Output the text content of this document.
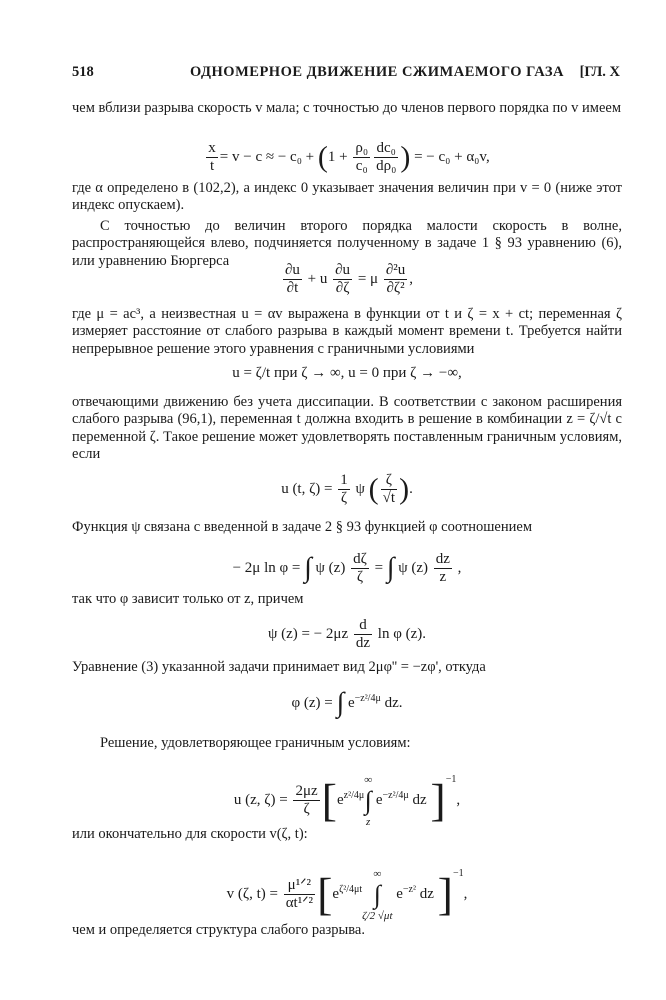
518	ОДНОМЕРНОЕ ДВИЖЕНИЕ СЖИМАЕМОГО ГАЗА [ГЛ. X
чем вблизи разрыва скорость v мала; с точностью до членов первого порядка по v имеем
$\frac{x}{t} = v - c$ ≈ − $c_0 + (1 + \frac{\text{ρ₀}}{\text{c₀}} \frac{\text{dc₀}}{\text{dρ₀}}$ ) = − c₀ + α₀v,
где α определено в (102,2), а индекс 0 указывает значения величин при v = 0 (ниже этот индекс опускаем).
С точностью до величин второго порядка малости скорость в волне, распространяющейся влево, подчиняется полученному в задаче 1 § 93 уравнению (6), или уравнению Бюргерса
$\frac{\partial u}{\partial t} + u \frac{\partial u}{\partial\zeta} = \mu \frac{\text{∂²u}}{\text{∂ζ²}}$ ,
где μ = ac³, а неизвестная u = αv выражена в функции от t и ζ = x + ct; переменная ζ измеряет расстояние от слабого разрыва в каждый момент времени t. Требуется найти непрерывное решение этого уравнения с граничными условиями
u = ζ/t при ζ → ∞, u = 0 при ζ → −∞,
отвечающими движению без учета диссипации. В соответствии с законом расширения слабого разрыва (96,1), переменная t должна входить в решение в комбинации z = ζ/√t с переменной ζ. Такое решение может удовлетворять поставленным граничным условиям, если
u (t, $\zeta) = \frac{1}{\zeta}$ ψ ( $\frac{\zeta}{√t}$ ).
Функция ψ связана с введенной в задаче 2 § 93 функцией φ соотношением
− 2μ ln φ = ∫ ψ $(z) \frac{d\zeta}{\zeta}$ = ∫ ψ $(z) \frac{dz}{z}$ ,
так что φ зависит только от z, причем
ψ (z) = − $2\mu z \frac{d}{dz}$ ln φ (z).
Уравнение (3) указанной задачи принимает вид 2μφ'' = −zφ', откуда
φ (z) = ∫ $e^{-z^2/4\mu}$ dz.
Решение, удовлетворяющее граничным условиям:
u (z, $\zeta) = \frac{2\mu z}{\zeta} [e^{z^2/4\mu}$
∞
∫
z
$e^{-z^2/4\mu}$ dz ]$^{-1}$,
или окончательно для скорости v(ζ, t):
v (ζ, $t) = \frac{\text{μ¹ᐟ²}}{\text{αt¹ᐟ²}} [e^{\zeta^2/4\mu t}$
∞
∫
ζ/2 √μt
$e^{-z^2}$ dz ]$^{-1}$,
чем и определяется структура слабого разрыва.
